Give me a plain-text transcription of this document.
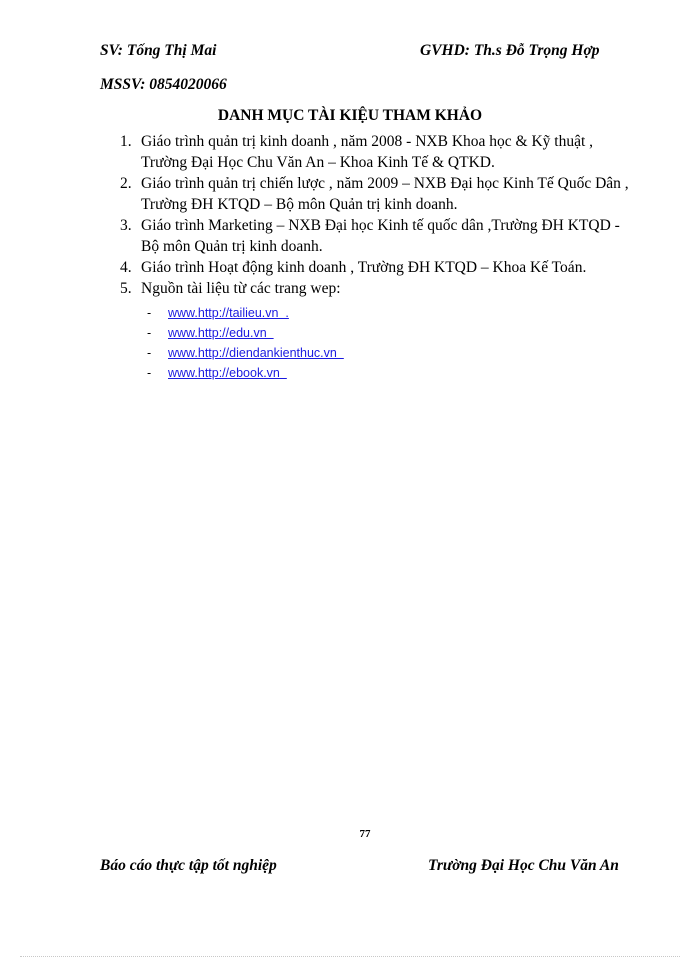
SV: Tống Thị Mai	GVHD: Th.s Đỗ Trọng Hợp
MSSV: 0854020066
DANH MỤC TÀI KIỆU THAM KHẢO
1. Giáo trình quản trị kinh doanh , năm 2008 - NXB Khoa học & Kỹ thuật , Trường Đại Học Chu Văn An – Khoa Kinh Tế & QTKD.
2. Giáo trình quản trị chiến lược , năm 2009 – NXB Đại học Kinh Tế Quốc Dân , Trường ĐH KTQD – Bộ môn Quản trị kinh doanh.
3. Giáo trình Marketing – NXB Đại học Kinh tế quốc dân ,Trường ĐH KTQD - Bộ môn Quản trị kinh doanh.
4. Giáo trình Hoạt động kinh doanh , Trường ĐH KTQD – Khoa Kế Toán.
5. Nguồn tài liệu từ các trang wep:
- www.http://tailieu.vn  .
- www.http://edu.vn
- www.http://diendankienthuc.vn
- www.http://ebook.vn
77
Báo cáo thực tập tốt nghiệp	Trường Đại Học Chu Văn An
